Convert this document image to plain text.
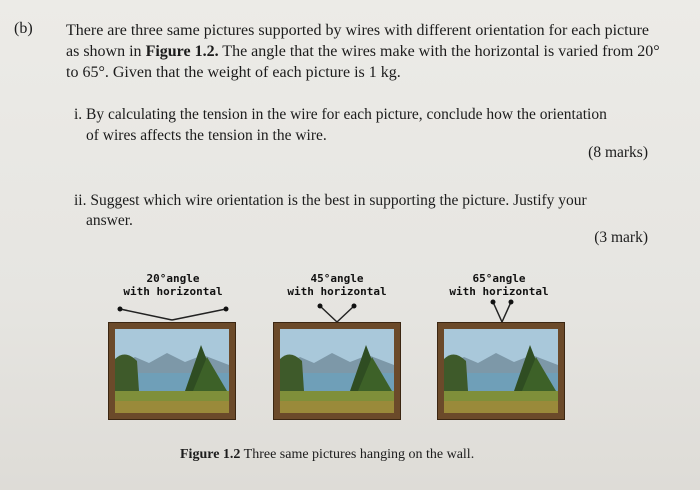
(b) There are three same pictures supported by wires with different orientation for each picture as shown in Figure 1.2. The angle that the wires make with the horizontal is varied from 20° to 65°. Given that the weight of each picture is 1 kg.
i. By calculating the tension in the wire for each picture, conclude how the orientation
of wires affects the tension in the wire.
(8 marks)
ii. Suggest which wire orientation is the best in supporting the picture. Justify your
answer.
(3 mark)
20°angle
with horizontal
45°angle
with horizontal
65°angle
with horizontal
Figure 1.2 Three same pictures hanging on the wall.
